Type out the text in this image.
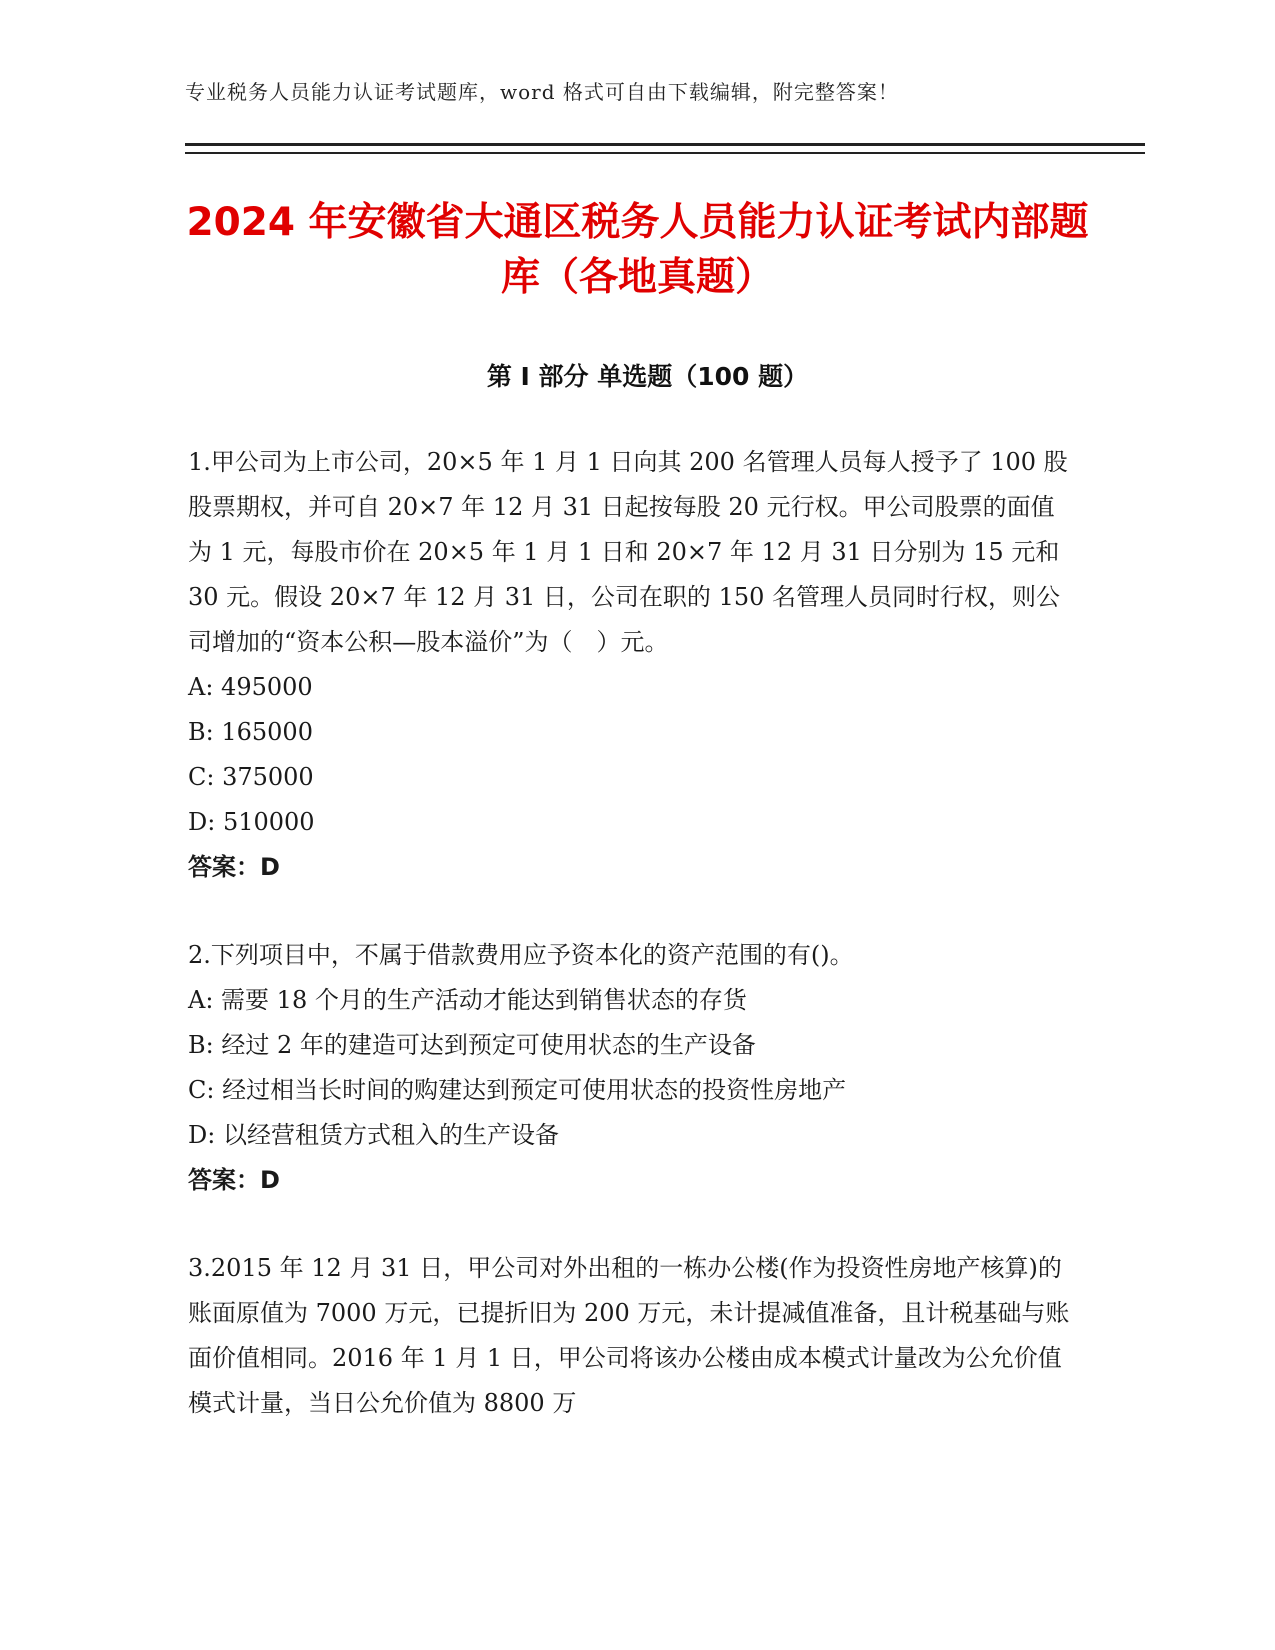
专业税务人员能力认证考试题库，word 格式可自由下载编辑，附完整答案！
2024 年安徽省大通区税务人员能力认证考试内部题库（各地真题）
第 I 部分 单选题（100 题）

1.甲公司为上市公司，20×5 年 1 月 1 日向其 200 名管理人员每人授予了 100 股股票期权，并可自 20×7 年 12 月 31 日起按每股 20 元行权。甲公司股票的面值为 1 元，每股市价在 20×5 年 1 月 1 日和 20×7 年 12 月 31 日分别为 15 元和 30 元。假设 20×7 年 12 月 31 日，公司在职的 150 名管理人员同时行权，则公司增加的“资本公积—股本溢价”为（　）元。

A: 495000

B: 165000

C: 375000

D: 510000

答案：D

2.下列项目中，不属于借款费用应予资本化的资产范围的有()。

A: 需要 18 个月的生产活动才能达到销售状态的存货

B: 经过 2 年的建造可达到预定可使用状态的生产设备

C: 经过相当长时间的购建达到预定可使用状态的投资性房地产

D: 以经营租赁方式租入的生产设备

答案：D

3.2015 年 12 月 31 日，甲公司对外出租的一栋办公楼(作为投资性房地产核算)的账面原值为 7000 万元，已提折旧为 200 万元，未计提减值准备，且计税基础与账面价值相同。2016 年 1 月 1 日，甲公司将该办公楼由成本模式计量改为公允价值模式计量，当日公允价值为 8800 万
